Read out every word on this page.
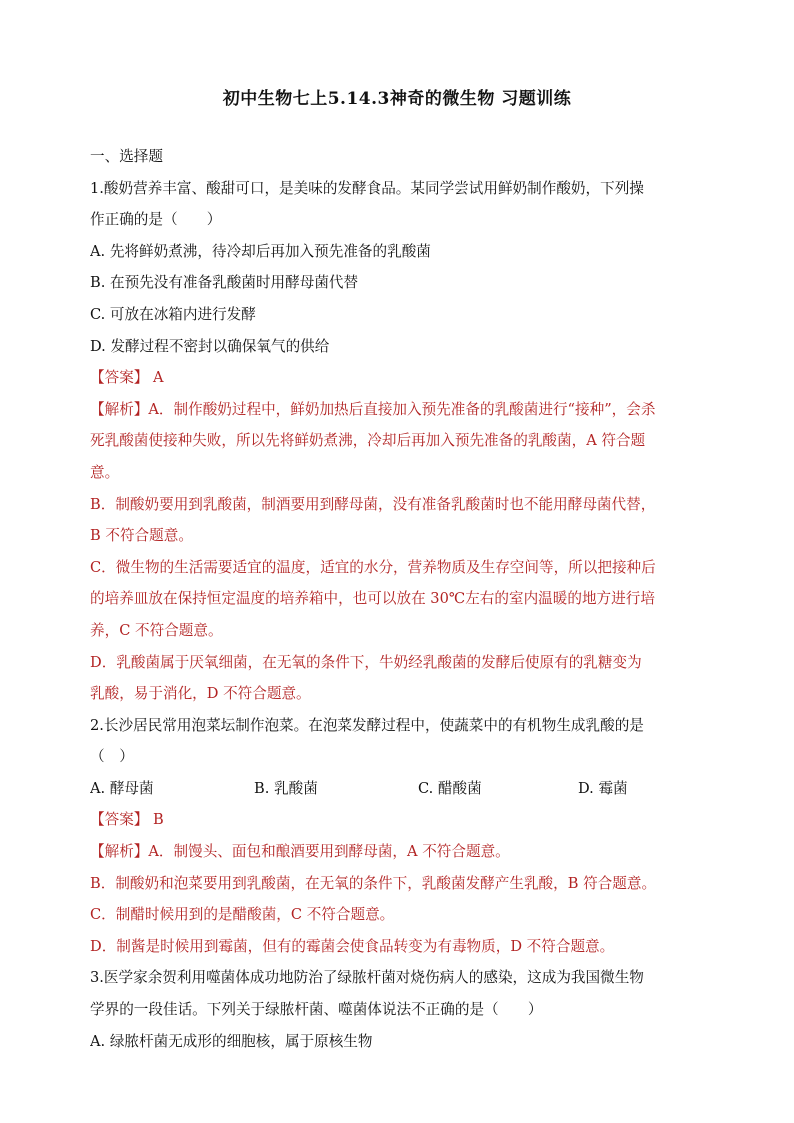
初中生物七上5.14.3神奇的微生物 习题训练
一、选择题
1.酸奶营养丰富、酸甜可口，是美味的发酵食品。某同学尝试用鲜奶制作酸奶，下列操
作正确的是（　　）
A. 先将鲜奶煮沸，待冷却后再加入预先准备的乳酸菌
B. 在预先没有准备乳酸菌时用酵母菌代替
C. 可放在冰箱内进行发酵
D. 发酵过程不密封以确保氧气的供给
【答案】 A
【解析】A．制作酸奶过程中，鲜奶加热后直接加入预先准备的乳酸菌进行“接种”，会杀
死乳酸菌使接种失败，所以先将鲜奶煮沸，冷却后再加入预先准备的乳酸菌，A 符合题
意。
B．制酸奶要用到乳酸菌，制酒要用到酵母菌，没有准备乳酸菌时也不能用酵母菌代替，
B 不符合题意。
C．微生物的生活需要适宜的温度，适宜的水分，营养物质及生存空间等，所以把接种后
的培养皿放在保持恒定温度的培养箱中，也可以放在 30℃左右的室内温暖的地方进行培
养，C 不符合题意。
D．乳酸菌属于厌氧细菌，在无氧的条件下，牛奶经乳酸菌的发酵后使原有的乳糖变为
乳酸，易于消化，D 不符合题意。
2.长沙居民常用泡菜坛制作泡菜。在泡菜发酵过程中，使蔬菜中的有机物生成乳酸的是
（　）
A. 酵母菌	B. 乳酸菌	C. 醋酸菌	D. 霉菌
【答案】 B
【解析】A．制馒头、面包和酿酒要用到酵母菌，A 不符合题意。
B．制酸奶和泡菜要用到乳酸菌，在无氧的条件下，乳酸菌发酵产生乳酸，B 符合题意。
C．制醋时候用到的是醋酸菌，C 不符合题意。
D．制酱是时候用到霉菌，但有的霉菌会使食品转变为有毒物质，D 不符合题意。
3.医学家余贺利用噬菌体成功地防治了绿脓杆菌对烧伤病人的感染，这成为我国微生物
学界的一段佳话。下列关于绿脓杆菌、噬菌体说法不正确的是（　　）
A. 绿脓杆菌无成形的细胞核，属于原核生物
